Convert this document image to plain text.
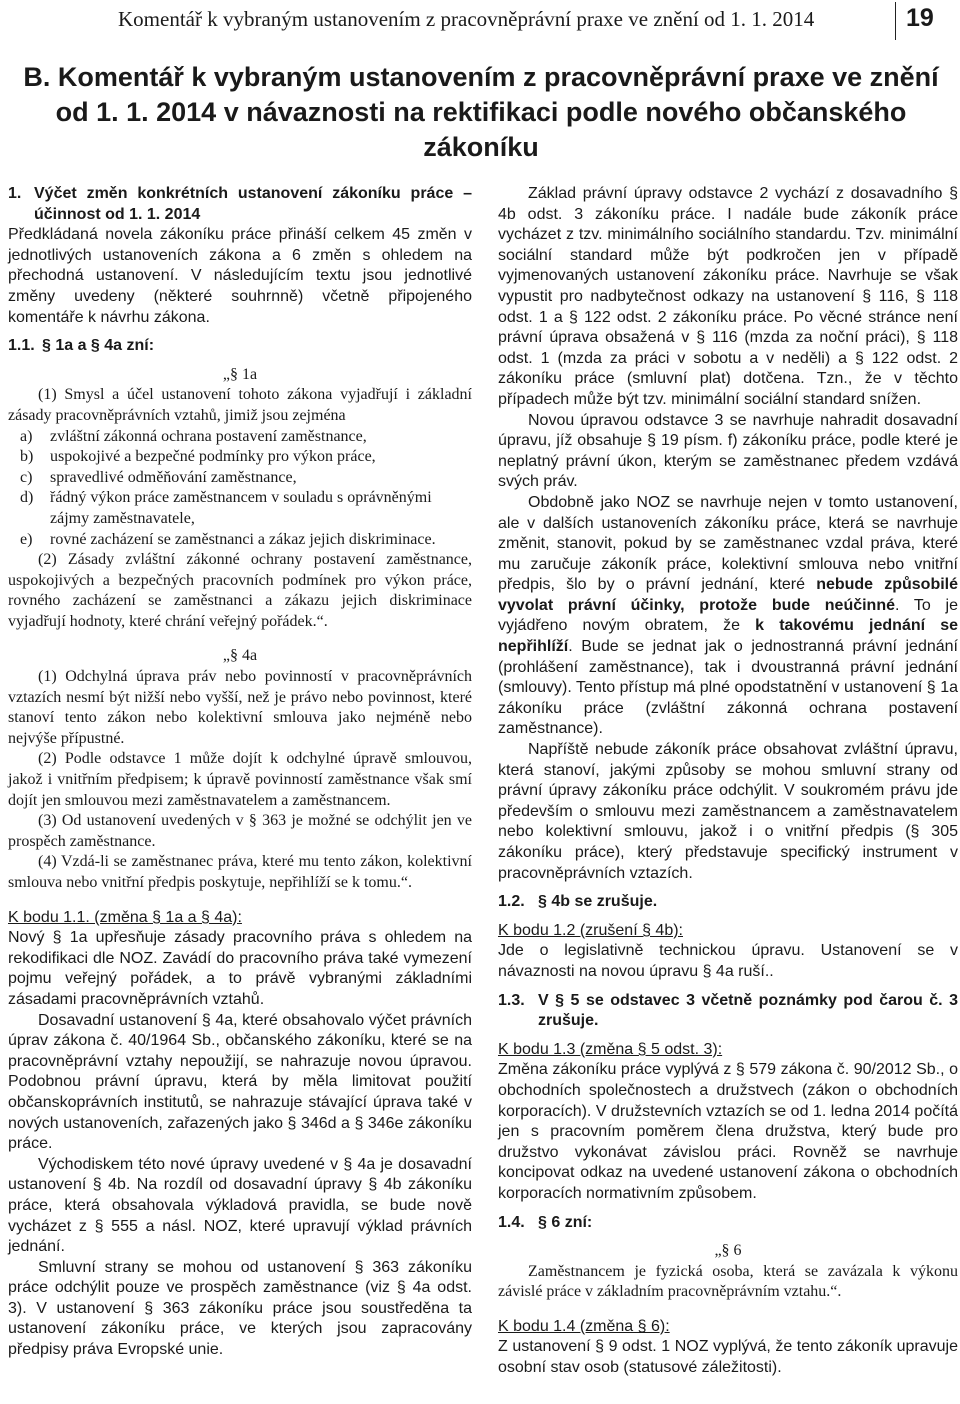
Komentář k vybraným ustanovením z pracovněprávní praxe ve znění od 1. 1. 2014	19
B. Komentář k vybraným ustanovením z pracovněprávní praxe ve znění od 1. 1. 2014 v návaznosti na rektifikaci podle nového občanského zákoníku

1. Výčet změn konkrétních ustanovení zákoníku práce – účinnost od 1. 1. 2014

Předkládaná novela zákoníku práce přináší celkem 45 změn v jednotlivých ustanoveních zákona a 6 změn s ohledem na přechodná ustanovení. V následujícím textu jsou jednotlivé změny uvedeny (některé souhrnně) včetně připojeného komentáře k návrhu zákona.

1.1. § 1a a § 4a zní:

„§ 1a

(1) Smysl a účel ustanovení tohoto zákona vyjadřují i základní zásady pracovněprávních vztahů, jimiž jsou zejména

a) zvláštní zákonná ochrana postavení zaměstnance,
b) uspokojivé a bezpečné podmínky pro výkon práce,
c) spravedlivé odměňování zaměstnance,
d) řádný výkon práce zaměstnancem v souladu s oprávněnými zájmy zaměstnavatele,
e) rovné zacházení se zaměstnanci a zákaz jejich diskriminace.

(2) Zásady zvláštní zákonné ochrany postavení zaměstnance, uspokojivých a bezpečných pracovních podmínek pro výkon práce, rovného zacházení se zaměstnanci a zákazu jejich diskriminace vyjadřují hodnoty, které chrání veřejný pořádek.“.

„§ 4a

(1) Odchylná úprava práv nebo povinností v pracovněprávních vztazích nesmí být nižší nebo vyšší, než je právo nebo povinnost, které stanoví tento zákon nebo kolektivní smlouva jako nejméně nebo nejvýše přípustné.

(2) Podle odstavce 1 může dojít k odchylné úpravě smlouvou, jakož i vnitřním předpisem; k úpravě povinností zaměstnance však smí dojít jen smlouvou mezi zaměstnavatelem a zaměstnancem.

(3) Od ustanovení uvedených v § 363 je možné se odchýlit jen ve prospěch zaměstnance.

(4) Vzdá-li se zaměstnanec práva, které mu tento zákon, kolektivní smlouva nebo vnitřní předpis poskytuje, nepřihlíží se k tomu.“.

K bodu 1.1. (změna § 1a a § 4a):

Nový § 1a upřesňuje zásady pracovního práva s ohledem na rekodifikaci dle NOZ. Zavádí do pracovního práva také vymezení pojmu veřejný pořádek, a to právě vybranými základními zásadami pracovněprávních vztahů.

Dosavadní ustanovení § 4a, které obsahovalo výčet právních úprav zákona č. 40/1964 Sb., občanského zákoníku, které se na pracovněprávní vztahy nepoužijí, se nahrazuje novou úpravou. Podobnou právní úpravu, která by měla limitovat použití občanskoprávních institutů, se nahrazuje stávající úprava také v nových ustanoveních, zařazených jako § 346d a § 346e zákoníku práce.

Východiskem této nové úpravy uvedené v § 4a je dosavadní ustanovení § 4b. Na rozdíl od dosavadní úpravy § 4b zákoníku práce, která obsahovala výkladová pravidla, se bude nově vycházet z § 555 a násl. NOZ, které upravují výklad právních jednání.

Smluvní strany se mohou od ustanovení § 363 zákoníku práce odchýlit pouze ve prospěch zaměstnance (viz § 4a odst. 3). V ustanovení § 363 zákoníku práce jsou soustředěna ta ustanovení zákoníku práce, ve kterých jsou zapracovány předpisy práva Evropské unie.

Základ právní úpravy odstavce 2 vychází z dosavadního § 4b odst. 3 zákoníku práce. I nadále bude zákoník práce vycházet z tzv. minimálního sociálního standardu. Tzv. minimální sociální standard může být podkročen jen v případě vyjmenovaných ustanovení zákoníku práce. Navrhuje se však vypustit pro nadbytečnost odkazy na ustanovení § 116, § 118 odst. 1 a § 122 odst. 2 zákoníku práce. Po věcné stránce není právní úprava obsažená v § 116 (mzda za noční práci), § 118 odst. 1 (mzda za práci v sobotu a v neděli) a § 122 odst. 2 zákoníku práce (smluvní plat) dotčena. Tzn., že v těchto případech může být tzv. minimální sociální standard snížen.

Novou úpravou odstavce 3 se navrhuje nahradit dosavadní úpravu, jíž obsahuje § 19 písm. f) zákoníku práce, podle které je neplatný právní úkon, kterým se zaměstnanec předem vzdává svých práv.

Obdobně jako NOZ se navrhuje nejen v tomto ustanovení, ale v dalších ustanoveních zákoníku práce, která se navrhuje změnit, stanovit, pokud by se zaměstnanec vzdal práva, které mu zaručuje zákoník práce, kolektivní smlouva nebo vnitřní předpis, šlo by o právní jednání, které nebude způsobilé vyvolat právní účinky, protože bude neúčinné. To je vyjádřeno novým obratem, že k takovému jednání se nepřihlíží. Bude se jednat jak o jednostranná právní jednání (prohlášení zaměstnance), tak i dvoustranná právní jednání (smlouvy). Tento přístup má plné opodstatnění v ustanovení § 1a zákoníku práce (zvláštní zákonná ochrana postavení zaměstnance).

Napříště nebude zákoník práce obsahovat zvláštní úpravu, která stanoví, jakými způsoby se mohou smluvní strany od právní úpravy zákoníku práce odchýlit. V soukromém právu jde především o smlouvu mezi zaměstnancem a zaměstnavatelem nebo kolektivní smlouvu, jakož i o vnitřní předpis (§ 305 zákoníku práce), který představuje specifický instrument v pracovněprávních vztazích.

1.2. § 4b se zrušuje.

K bodu 1.2 (zrušení § 4b):

Jde o legislativně technickou úpravu. Ustanovení se v návaznosti na novou úpravu § 4a ruší..

1.3. V § 5 se odstavec 3 včetně poznámky pod čarou č. 3 zrušuje.

K bodu 1.3 (změna § 5 odst. 3):

Změna zákoníku práce vyplývá z § 579 zákona č. 90/2012 Sb., o obchodních společnostech a družstvech (zákon o obchodních korporacích). V družstevních vztazích se od 1. ledna 2014 počítá jen s pracovním poměrem člena družstva, který bude pro družstvo vykonávat závislou práci. Rovněž se navrhuje koncipovat odkaz na uvedené ustanovení zákona o obchodních korporacích normativním způsobem.

1.4. § 6 zní:

„§ 6

Zaměstnancem je fyzická osoba, která se zavázala k výkonu závislé práce v základním pracovněprávním vztahu.“.

K bodu 1.4 (změna § 6):

Z ustanovení § 9 odst. 1 NOZ vyplývá, že tento zákoník upravuje osobní stav osob (statusové záležitosti).
